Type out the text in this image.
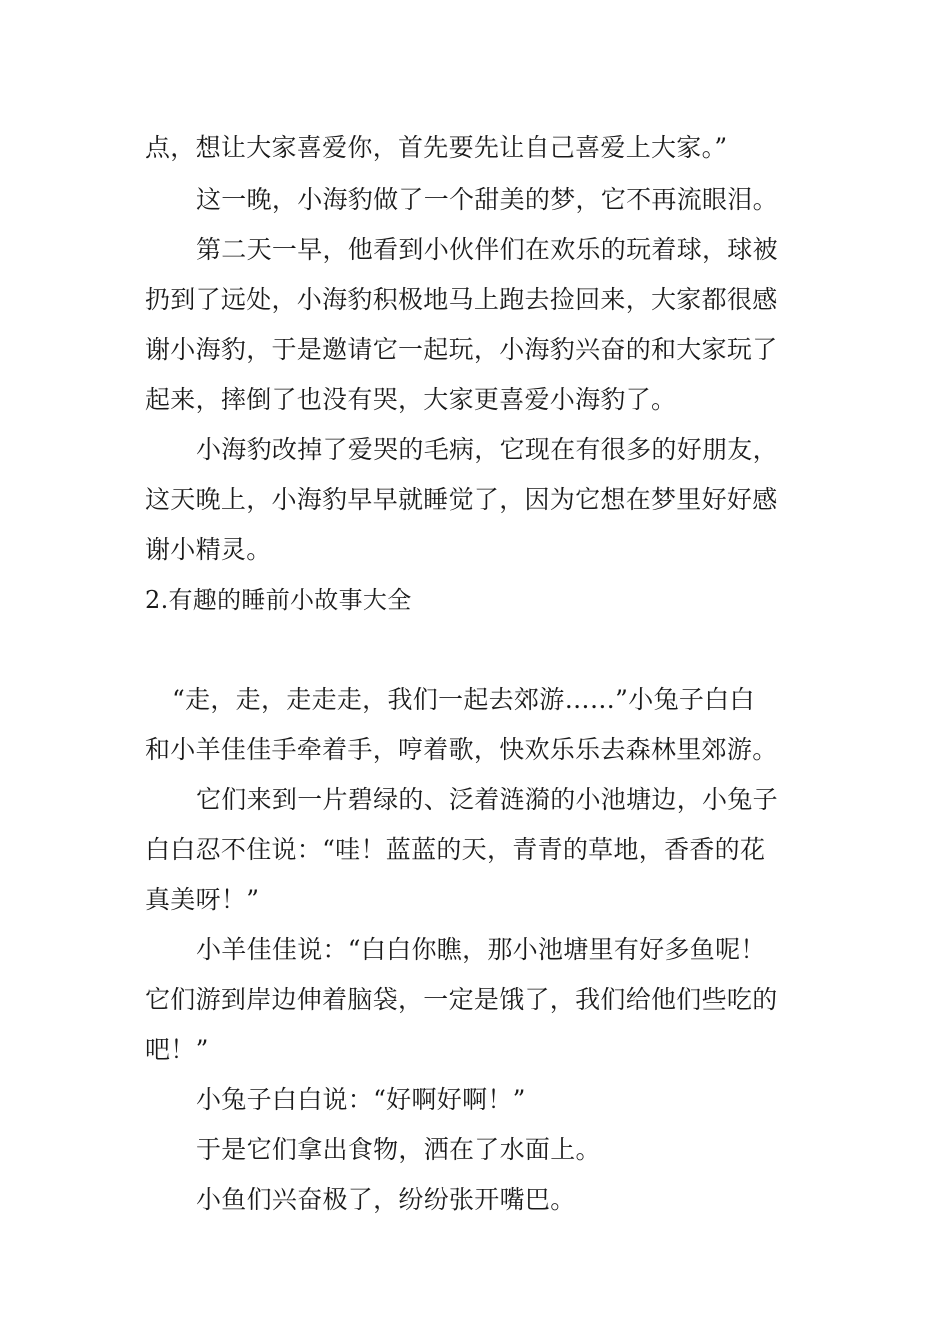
点，想让大家喜爱你，首先要先让自己喜爱上大家。”
这一晚，小海豹做了一个甜美的梦，它不再流眼泪。
第二天一早，他看到小伙伴们在欢乐的玩着球，球被
扔到了远处，小海豹积极地马上跑去捡回来，大家都很感
谢小海豹，于是邀请它一起玩，小海豹兴奋的和大家玩了
起来，摔倒了也没有哭，大家更喜爱小海豹了。
小海豹改掉了爱哭的毛病，它现在有很多的好朋友，
这天晚上，小海豹早早就睡觉了，因为它想在梦里好好感
谢小精灵。
2.有趣的睡前小故事大全
“走，走，走走走，我们一起去郊游……”小兔子白白
和小羊佳佳手牵着手，哼着歌，快欢乐乐去森林里郊游。
它们来到一片碧绿的、泛着涟漪的小池塘边，小兔子
白白忍不住说：“哇！蓝蓝的天，青青的草地，香香的花
真美呀！”
小羊佳佳说：“白白你瞧，那小池塘里有好多鱼呢！
它们游到岸边伸着脑袋，一定是饿了，我们给他们些吃的
吧！”
小兔子白白说：“好啊好啊！”
于是它们拿出食物，洒在了水面上。
小鱼们兴奋极了，纷纷张开嘴巴。
